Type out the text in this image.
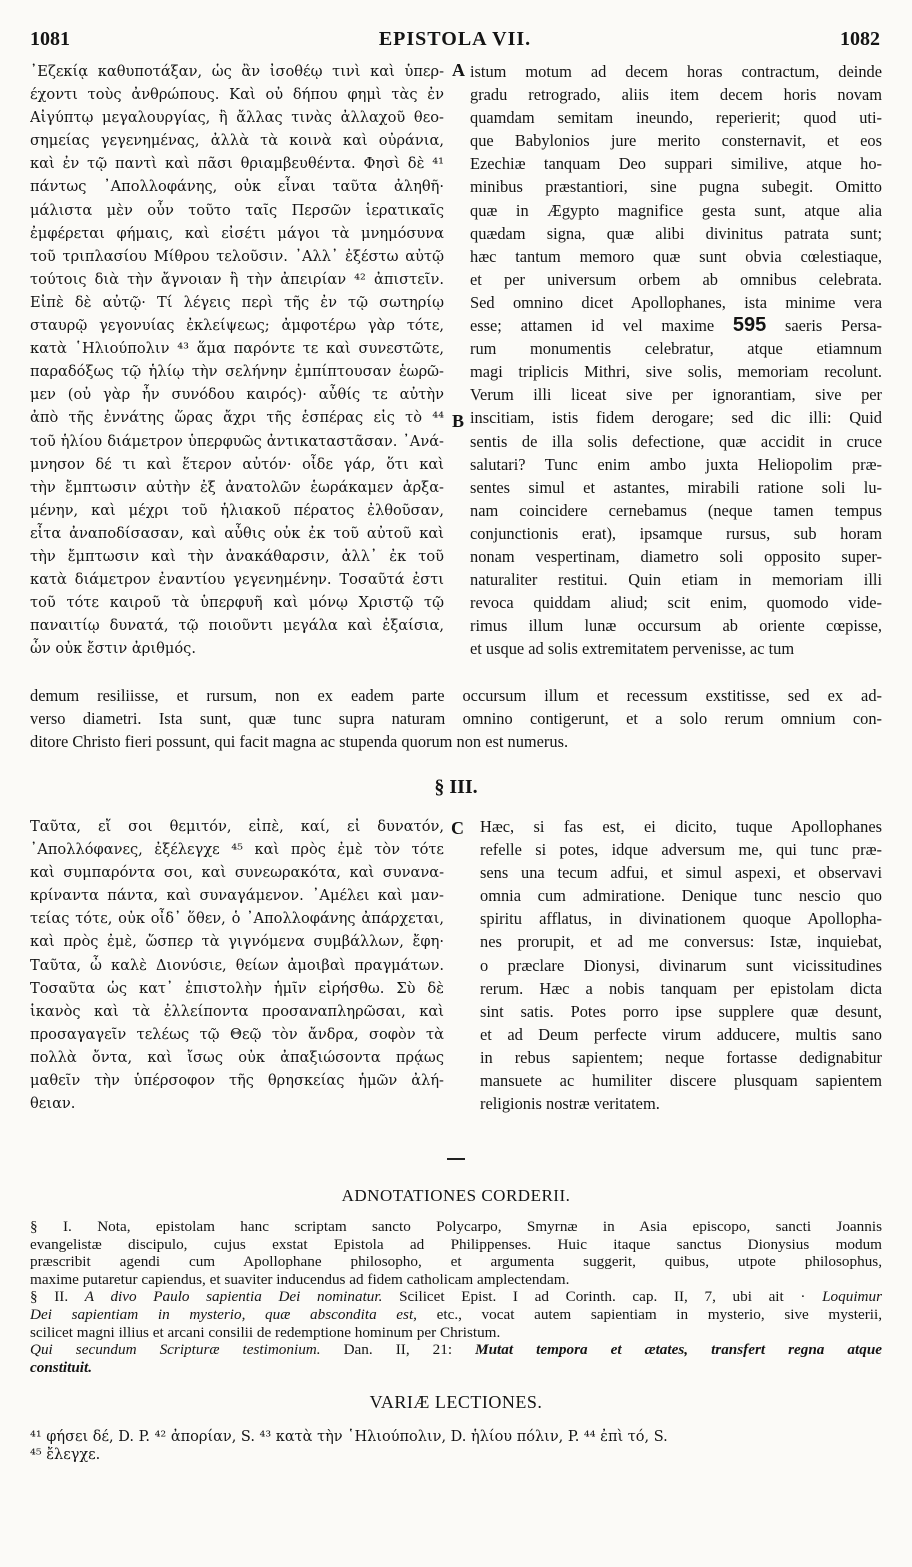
1081	EPISTOLA VII.	1082
᾿Εζεκίᾳ καθυποτάξαν, ὡς ἂν ἰσοθέῳ τινὶ καὶ ὑπερ-
έχοντι τοὺς ἀνθρώπους. Καὶ οὐ δήπου φημὶ τὰς ἐν
Αἰγύπτῳ μεγαλουργίας, ἢ ἄλλας τινὰς ἀλλαχοῦ θεο-
σημείας γεγενημένας, ἀλλὰ τὰ κοινὰ καὶ οὐράνια,
καὶ ἐν τῷ παντὶ καὶ πᾶσι θριαμβευθέντα. Φησὶ δὲ ⁴¹
πάντως ᾿Απολλοφάνης, οὐκ εἶναι ταῦτα ἀληθῆ·
μάλιστα μὲν οὖν τοῦτο ταῖς Περσῶν ἱερατικαῖς
ἐμφέρεται φήμαις, καὶ εἰσέτι μάγοι τὰ μνημόσυνα
τοῦ τριπλασίου Μίθρου τελοῦσιν. ᾿Αλλ᾿ ἐξέστω αὐτῷ
τούτοις διὰ τὴν ἄγνοιαν ἢ τὴν ἀπειρίαν ⁴² ἀπιστεῖν.
Εἰπὲ δὲ αὐτῷ· Τί λέγεις περὶ τῆς ἐν τῷ σωτηρίῳ
σταυρῷ γεγονυίας ἐκλείψεως; ἀμφοτέρω γὰρ τότε,
κατὰ ῾Ηλιούπολιν ⁴³ ἅμα παρόντε τε καὶ συνεστῶτε,
παραδόξως τῷ ἡλίῳ τὴν σελήνην ἐμπίπτουσαν ἑωρῶ-
μεν (οὐ γὰρ ἦν συνόδου καιρός)· αὖθίς τε αὐτὴν
ἀπὸ τῆς ἐννάτης ὥρας ἄχρι τῆς ἑσπέρας εἰς τὸ ⁴⁴
τοῦ ἡλίου διάμετρον ὑπερφυῶς ἀντικαταστᾶσαν. ᾿Ανά-
μνησον δέ τι καὶ ἕτερον αὐτόν· οἶδε γάρ, ὅτι καὶ
τὴν ἔμπτωσιν αὐτὴν ἐξ ἀνατολῶν ἑωράκαμεν ἀρξα-
μένην, καὶ μέχρι τοῦ ἡλιακοῦ πέρατος ἐλθοῦσαν,
εἶτα ἀναποδίσασαν, καὶ αὖθις οὐκ ἐκ τοῦ αὐτοῦ καὶ
τὴν ἔμπτωσιν καὶ τὴν ἀνακάθαρσιν, ἀλλ᾿ ἐκ τοῦ
κατὰ διάμετρον ἐναντίου γεγενημένην. Τοσαῦτά ἐστι
τοῦ τότε καιροῦ τὰ ὑπερφυῆ καὶ μόνῳ Χριστῷ τῷ
παναιτίῳ δυνατά, τῷ ποιοῦντι μεγάλα καὶ ἐξαίσια,
ὧν οὐκ ἔστιν ἀριθμός.
A
B
istum motum ad decem horas contractum, deinde
gradu retrogrado, aliis item decem horis novam
quamdam semitam ineundo, reperierit; quod uti-
que Babylonios jure merito consternavit, et eos
Ezechiæ tanquam Deo suppari similive, atque ho-
minibus præstantiori, sine pugna subegit. Omitto
quæ in Ægypto magnifice gesta sunt, atque alia
quædam signa, quæ alibi divinitus patrata sunt;
hæc tantum memoro quæ sunt obvia cœlestiaque,
et per universum orbem ab omnibus celebrata.
Sed omnino dicet Apollophanes, ista minime vera
esse; attamen id vel maxime 595 saeris Persa-
rum monumentis celebratur, atque etiamnum
magi triplicis Mithri, sive solis, memoriam recolunt.
Verum illi liceat sive per ignorantiam, sive per
inscitiam, istis fidem derogare; sed dic illi: Quid
sentis de illa solis defectione, quæ accidit in cruce
salutari? Tunc enim ambo juxta Heliopolim præ-
sentes simul et astantes, mirabili ratione soli lu-
nam coincidere cernebamus (neque tamen tempus
conjunctionis erat), ipsamque rursus, sub horam
nonam vespertinam, diametro soli opposito super-
naturaliter restitui. Quin etiam in memoriam illi
revoca quiddam aliud; scit enim, quomodo vide-
rimus illum lunæ occursum ab oriente cœpisse,
et usque ad solis extremitatem pervenisse, ac tum
demum resiliisse, et rursum, non ex eadem parte occursum illum et recessum exstitisse, sed ex ad-
verso diametri. Ista sunt, quæ tunc supra naturam omnino contigerunt, et a solo rerum omnium con-
ditore Christo fieri possunt, qui facit magna ac stupenda quorum non est numerus.
§ III.
Ταῦτα, εἴ σοι θεμιτόν, εἰπὲ, καί, εἰ δυνατόν,
᾿Απολλόφανες, ἐξέλεγχε ⁴⁵ καὶ πρὸς ἐμὲ τὸν τότε
καὶ συμπαρόντα σοι, καὶ συνεωρακότα, καὶ συνανα-
κρίναντα πάντα, καὶ συναγάμενον. ᾿Αμέλει καὶ μαν-
τείας τότε, οὐκ οἶδ᾿ ὅθεν, ὁ ᾿Απολλοφάνης ἀπάρχεται,
καὶ πρὸς ἐμὲ, ὥσπερ τὰ γιγνόμενα συμβάλλων, ἔφη·
Ταῦτα, ὦ καλὲ Διονύσιε, θείων ἀμοιβαὶ πραγμάτων.
Τοσαῦτα ὡς κατ᾿ ἐπιστολὴν ἡμῖν εἰρήσθω. Σὺ δὲ
ἱκανὸς καὶ τὰ ἐλλείποντα προσαναπληρῶσαι, καὶ
προσαγαγεῖν τελέως τῷ Θεῷ τὸν ἄνδρα, σοφὸν τὰ
πολλὰ ὄντα, καὶ ἴσως οὐκ ἀπαξιώσοντα πρᾴως
μαθεῖν τὴν ὑπέρσοφον τῆς θρησκείας ἡμῶν ἀλή-
θειαν.
C Hæc, si fas est, ei dicito, tuque Apollophanes
refelle si potes, idque adversum me, qui tunc præ-
sens una tecum adfui, et simul aspexi, et observavi
omnia cum admiratione. Denique tunc nescio quo
spiritu afflatus, in divinationem quoque Apollopha-
nes prorupit, et ad me conversus: Istæ, inquiebat,
o præclare Dionysi, divinarum sunt vicissitudines
rerum. Hæc a nobis tanquam per epistolam dicta
sint satis. Potes porro ipse supplere quæ desunt,
et ad Deum perfecte virum adducere, multis sano
in rebus sapientem; neque fortasse dedignabitur
mansuete ac humiliter discere plusquam sapientem
religionis nostræ veritatem.
ADNOTATIONES CORDERII.
§ I. Nota, epistolam hanc scriptam sancto Polycarpo, Smyrnæ in Asia episcopo, sancti Joannis
evangelistæ discipulo, cujus exstat Epistola ad Philippenses. Huic itaque sanctus Dionysius modum
præscribit agendi cum Apollophane philosopho, et argumenta suggerit, quibus, utpote philosophus,
maxime putaretur capiendus, et suaviter inducendus ad fidem catholicam amplectendam.
§ II. A divo Paulo sapientia Dei nominatur. Scilicet Epist. I ad Corinth. cap. II, 7, ubi ait · Loquimur
Dei sapientiam in mysterio, quæ abscondita est, etc., vocat autem sapientiam in mysterio, sive mysterii,
scilicet magni illius et arcani consilii de redemptione hominum per Christum.
Qui secundum Scripturæ testimonium. Dan. II, 21: Mutat tempora et ætates, transfert regna atque
constituit.
VARIÆ LECTIONES.
⁴¹ φήσει δέ, D. P. ⁴² ἀπορίαν, S. ⁴³ κατὰ τὴν ῾Ηλιούπολιν, D. ἡλίου πόλιν, P. ⁴⁴ ἐπὶ τό, S.
⁴⁵ ἔλεγχε.
